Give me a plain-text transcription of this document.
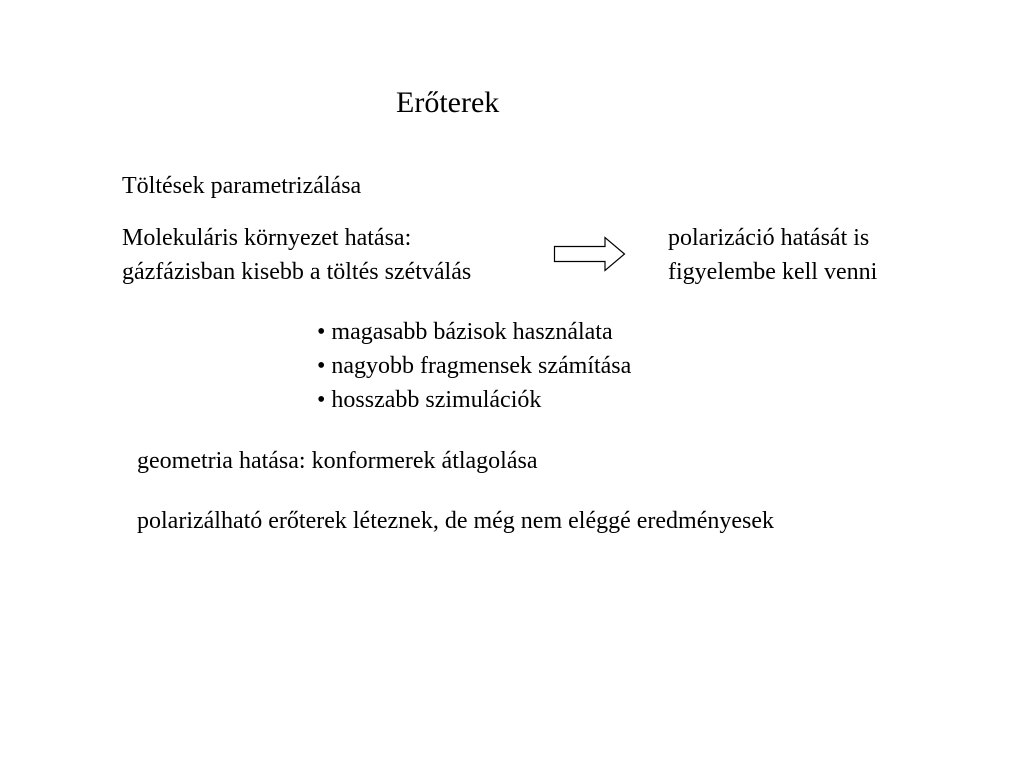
Erőterek
Töltések parametrizálása
Molekuláris környezet hatása:
gázfázisban kisebb a töltés szétválás
polarizáció hatását is
figyelembe kell venni
• magasabb bázisok használata
• nagyobb fragmensek számítása
• hosszabb szimulációk
geometria hatása: konformerek átlagolása
polarizálható erőterek léteznek, de még nem eléggé eredményesek
